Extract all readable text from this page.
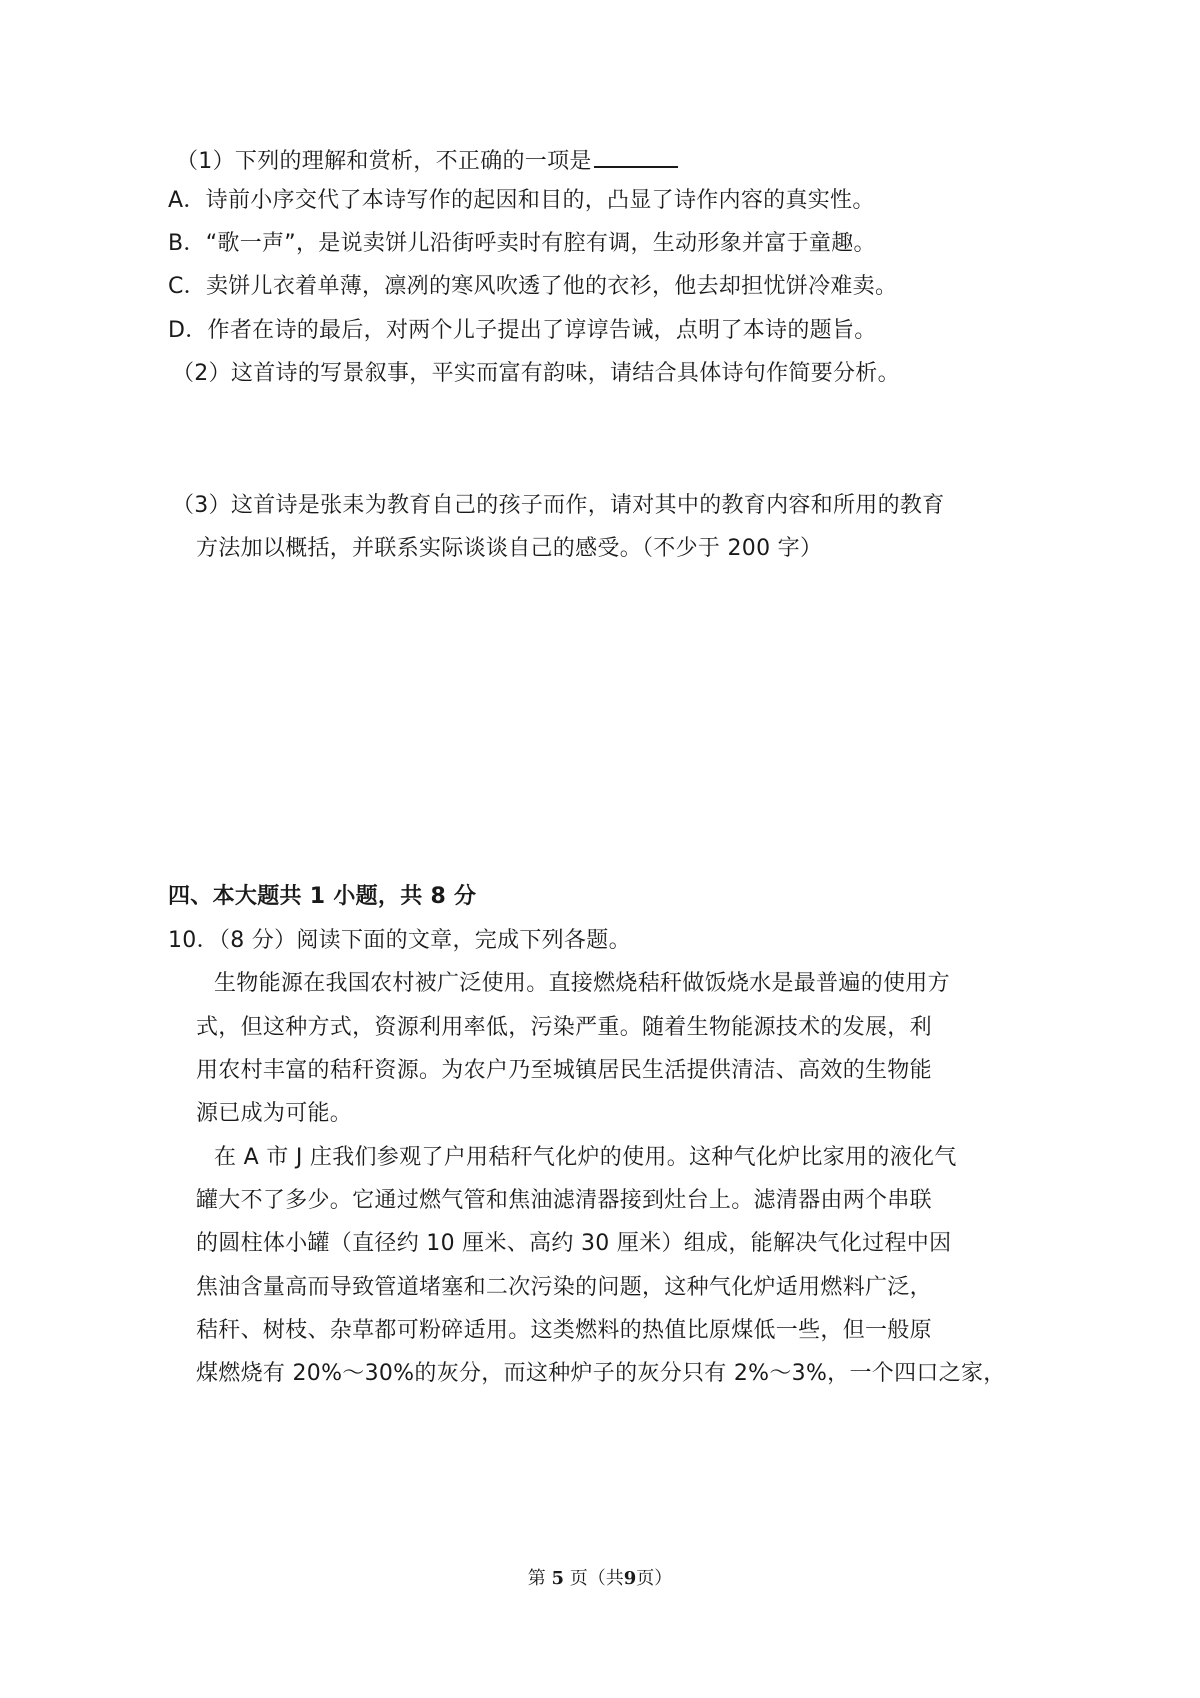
（1）下列的理解和赏析，不正确的一项是
A．诗前小序交代了本诗写作的起因和目的，凸显了诗作内容的真实性。
B．“歌一声”，是说卖饼儿沿街呼卖时有腔有调，生动形象并富于童趣。
C．卖饼儿衣着单薄，凛冽的寒风吹透了他的衣衫，他去却担忧饼冷难卖。
D．作者在诗的最后，对两个儿子提出了谆谆告诫，点明了本诗的题旨。
（2）这首诗的写景叙事，平实而富有韵味，请结合具体诗句作简要分析。
（3）这首诗是张耒为教育自己的孩子而作，请对其中的教育内容和所用的教育
方法加以概括，并联系实际谈谈自己的感受。（不少于 200 字）
四、本大题共 1 小题，共 8 分
10．（8 分）阅读下面的文章，完成下列各题。
生物能源在我国农村被广泛使用。直接燃烧秸秆做饭烧水是最普遍的使用方
式，但这种方式，资源利用率低，污染严重。随着生物能源技术的发展，利
用农村丰富的秸秆资源。为农户乃至城镇居民生活提供清洁、高效的生物能
源已成为可能。
在 A 市 J 庄我们参观了户用秸秆气化炉的使用。这种气化炉比家用的液化气
罐大不了多少。它通过燃气管和焦油滤清器接到灶台上。滤清器由两个串联
的圆柱体小罐（直径约 10 厘米、高约 30 厘米）组成，能解决气化过程中因
焦油含量高而导致管道堵塞和二次污染的问题，这种气化炉适用燃料广泛，
秸秆、树枝、杂草都可粉碎适用。这类燃料的热值比原煤低一些，但一般原
煤燃烧有 20%～30%的灰分，而这种炉子的灰分只有 2%～3%，一个四口之家，
第 5 页（共9页）
